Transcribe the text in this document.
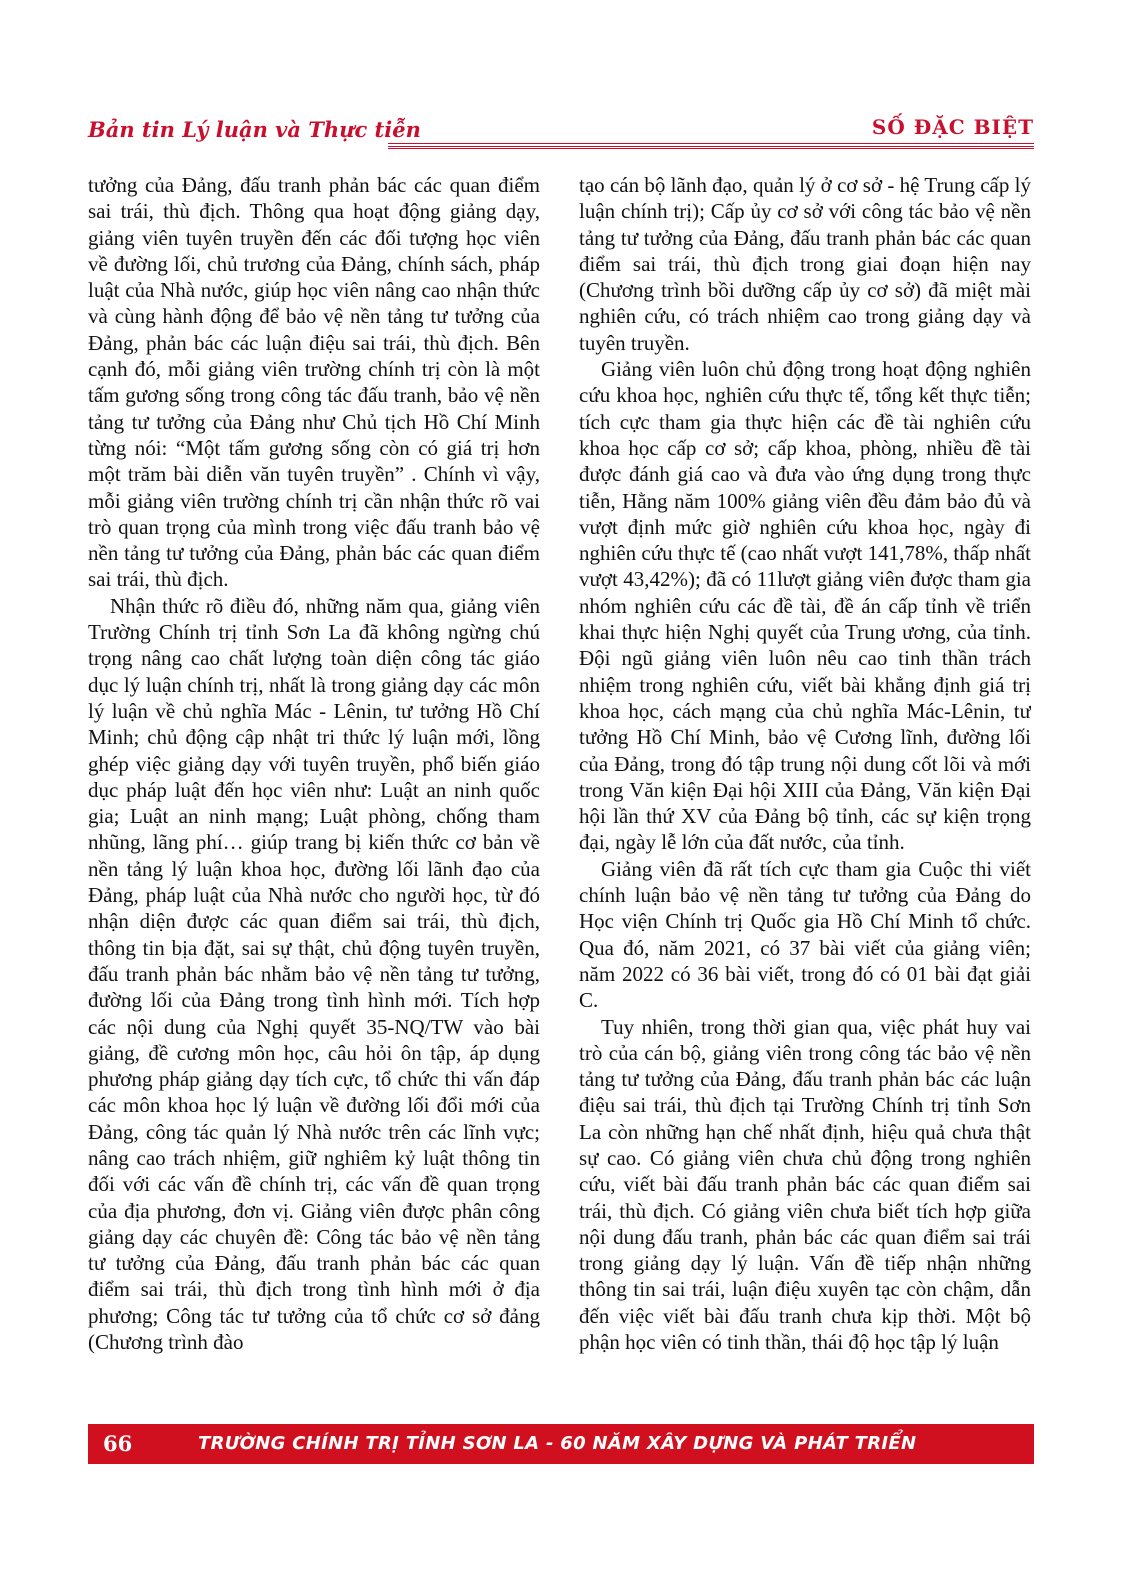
Bản tin Lý luận và Thực tiễn	SỐ ĐẶC BIỆT

tưởng của Đảng, đấu tranh phản bác các quan điểm sai trái, thù địch. Thông qua hoạt động giảng dạy, giảng viên tuyên truyền đến các đối tượng học viên về đường lối, chủ trương của Đảng, chính sách, pháp luật của Nhà nước, giúp học viên nâng cao nhận thức và cùng hành động để bảo vệ nền tảng tư tưởng của Đảng, phản bác các luận điệu sai trái, thù địch. Bên cạnh đó, mỗi giảng viên trường chính trị còn là một tấm gương sống trong công tác đấu tranh, bảo vệ nền tảng tư tưởng của Đảng như Chủ tịch Hồ Chí Minh từng nói: “Một tấm gương sống còn có giá trị hơn một trăm bài diễn văn tuyên truyền” . Chính vì vậy, mỗi giảng viên trường chính trị cần nhận thức rõ vai trò quan trọng của mình trong việc đấu tranh bảo vệ nền tảng tư tưởng của Đảng, phản bác các quan điểm sai trái, thù địch.

Nhận thức rõ điều đó, những năm qua, giảng viên Trường Chính trị tỉnh Sơn La đã không ngừng chú trọng nâng cao chất lượng toàn diện công tác giáo dục lý luận chính trị, nhất là trong giảng dạy các môn lý luận về chủ nghĩa Mác - Lênin, tư tưởng Hồ Chí Minh; chủ động cập nhật tri thức lý luận mới, lồng ghép việc giảng dạy với tuyên truyền, phổ biến giáo dục pháp luật đến học viên như: Luật an ninh quốc gia; Luật an ninh mạng; Luật phòng, chống tham nhũng, lãng phí… giúp trang bị kiến thức cơ bản về nền tảng lý luận khoa học, đường lối lãnh đạo của Đảng, pháp luật của Nhà nước cho người học, từ đó nhận diện được các quan điểm sai trái, thù địch, thông tin bịa đặt, sai sự thật, chủ động tuyên truyền, đấu tranh phản bác nhằm bảo vệ nền tảng tư tưởng, đường lối của Đảng trong tình hình mới. Tích hợp các nội dung của Nghị quyết 35-NQ/TW vào bài giảng, đề cương môn học, câu hỏi ôn tập, áp dụng phương pháp giảng dạy tích cực, tổ chức thi vấn đáp các môn khoa học lý luận về đường lối đổi mới của Đảng, công tác quản lý Nhà nước trên các lĩnh vực; nâng cao trách nhiệm, giữ nghiêm kỷ luật thông tin đối với các vấn đề chính trị, các vấn đề quan trọng của địa phương, đơn vị. Giảng viên được phân công giảng dạy các chuyên đề: Công tác bảo vệ nền tảng tư tưởng của Đảng, đấu tranh phản bác các quan điểm sai trái, thù địch trong tình hình mới ở địa phương; Công tác tư tưởng của tổ chức cơ sở đảng (Chương trình đào

tạo cán bộ lãnh đạo, quản lý ở cơ sở - hệ Trung cấp lý luận chính trị); Cấp ủy cơ sở với công tác bảo vệ nền tảng tư tưởng của Đảng, đấu tranh phản bác các quan điểm sai trái, thù địch trong giai đoạn hiện nay (Chương trình bồi dưỡng cấp ủy cơ sở) đã miệt mài nghiên cứu, có trách nhiệm cao trong giảng dạy và tuyên truyền.

Giảng viên luôn chủ động trong hoạt động nghiên cứu khoa học, nghiên cứu thực tế, tổng kết thực tiễn; tích cực tham gia thực hiện các đề tài nghiên cứu khoa học cấp cơ sở; cấp khoa, phòng, nhiều đề tài được đánh giá cao và đưa vào ứng dụng trong thực tiễn, Hằng năm 100% giảng viên đều đảm bảo đủ và vượt định mức giờ nghiên cứu khoa học, ngày đi nghiên cứu thực tế (cao nhất vượt 141,78%, thấp nhất vượt 43,42%); đã có 11lượt giảng viên được tham gia nhóm nghiên cứu các đề tài, đề án cấp tỉnh về triển khai thực hiện Nghị quyết của Trung ương, của tỉnh. Đội ngũ giảng viên luôn nêu cao tinh thần trách nhiệm trong nghiên cứu, viết bài khẳng định giá trị khoa học, cách mạng của chủ nghĩa Mác-Lênin, tư tưởng Hồ Chí Minh, bảo vệ Cương lĩnh, đường lối của Đảng, trong đó tập trung nội dung cốt lõi và mới trong Văn kiện Đại hội XIII của Đảng, Văn kiện Đại hội lần thứ XV của Đảng bộ tỉnh, các sự kiện trọng đại, ngày lễ lớn của đất nước, của tỉnh.

Giảng viên đã rất tích cực tham gia Cuộc thi viết chính luận bảo vệ nền tảng tư tưởng của Đảng do Học viện Chính trị Quốc gia Hồ Chí Minh tổ chức. Qua đó, năm 2021, có 37 bài viết của giảng viên; năm 2022 có 36 bài viết, trong đó có 01 bài đạt giải C.

Tuy nhiên, trong thời gian qua, việc phát huy vai trò của cán bộ, giảng viên trong công tác bảo vệ nền tảng tư tưởng của Đảng, đấu tranh phản bác các luận điệu sai trái, thù địch tại Trường Chính trị tỉnh Sơn La còn những hạn chế nhất định, hiệu quả chưa thật sự cao. Có giảng viên chưa chủ động trong nghiên cứu, viết bài đấu tranh phản bác các quan điểm sai trái, thù địch. Có giảng viên chưa biết tích hợp giữa nội dung đấu tranh, phản bác các quan điểm sai trái trong giảng dạy lý luận. Vấn đề tiếp nhận những thông tin sai trái, luận điệu xuyên tạc còn chậm, dẫn đến việc viết bài đấu tranh chưa kịp thời. Một bộ phận học viên có tinh thần, thái độ học tập lý luận

66	TRƯỜNG CHÍNH TRỊ TỈNH SƠN LA - 60 NĂM XÂY DỰNG VÀ PHÁT TRIỂN
